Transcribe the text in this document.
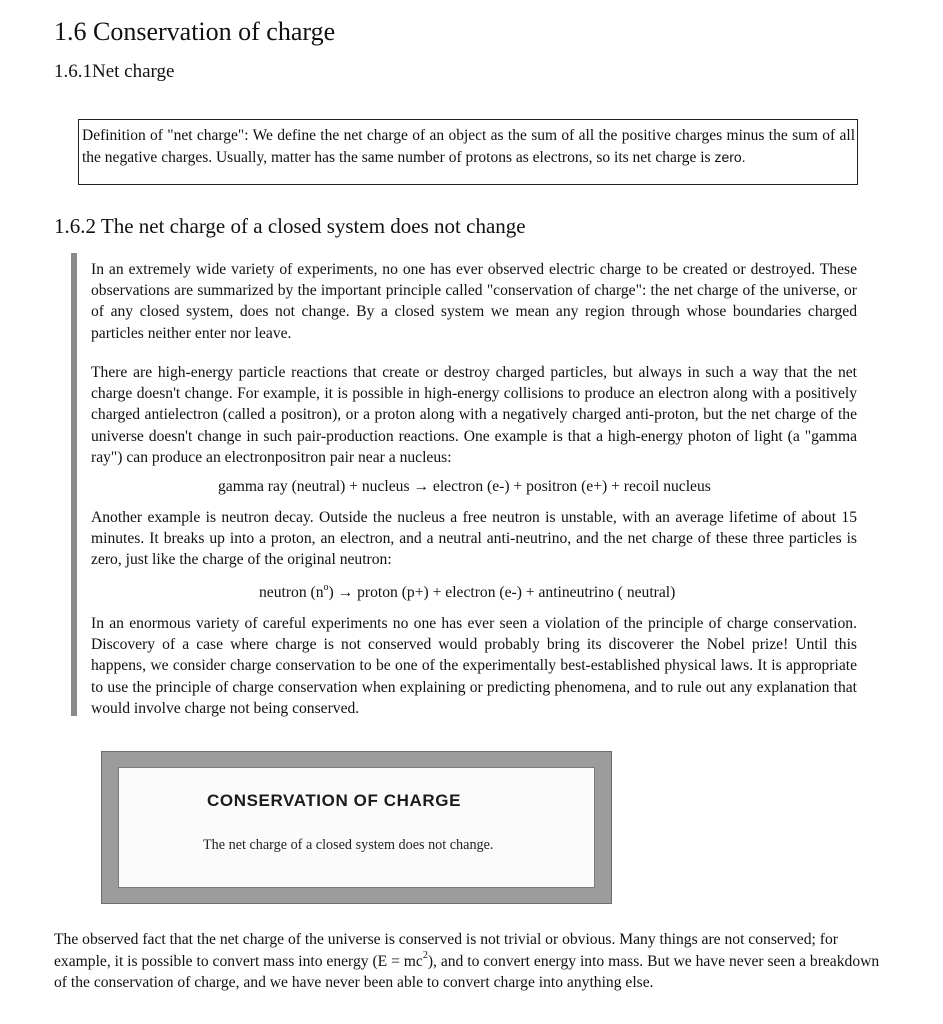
1.6 Conservation of charge
1.6.1Net charge
Definition of "net charge": We define the net charge of an object as the sum of all the positive charges minus the sum of all the negative charges. Usually, matter has the same number of protons as electrons, so its net charge is zero.
1.6.2 The net charge of a closed system does not change

In an extremely wide variety of experiments, no one has ever observed electric charge to be created or destroyed. These observations are summarized by the important principle called "conservation of charge": the net charge of the universe, or of any closed system, does not change. By a closed system we mean any region through whose boundaries charged particles neither enter nor leave.

There are high-energy particle reactions that create or destroy charged particles, but always in such a way that the net charge doesn't change. For example, it is possible in high-energy collisions to produce an electron along with a positively charged antielectron (called a positron), or a proton along with a negatively charged anti-proton, but the net charge of the universe doesn't change in such pair-production reactions. One example is that a high-energy photon of light (a "gamma ray") can produce an electronpositron pair near a nucleus:

gamma ray (neutral) + nucleus → electron (e-) + positron (e+) + recoil nucleus

Another example is neutron decay. Outside the nucleus a free neutron is unstable, with an average lifetime of about 15 minutes. It breaks up into a proton, an electron, and a neutral anti-neutrino, and the net charge of these three particles is zero, just like the charge of the original neutron:

neutron $(n^o)$ → proton (p+) + electron (e-) + antineutrino ( neutral)

In an enormous variety of careful experiments no one has ever seen a violation of the principle of charge conservation. Discovery of a case where charge is not conserved would probably bring its discoverer the Nobel prize! Until this happens, we consider charge conservation to be one of the experimentally best-established physical laws. It is appropriate to use the principle of charge conservation when explaining or predicting phenomena, and to rule out any explanation that would involve charge not being conserved.

CONSERVATION OF CHARGE

The net charge of a closed system does not change.

The observed fact that the net charge of the universe is conserved is not trivial or obvious. Many things are not conserved; for example, it is possible to convert mass into energy $(E = mc^2)$, and to convert energy into mass. But we have never seen a breakdown of the conservation of charge, and we have never been able to convert charge into anything else.
